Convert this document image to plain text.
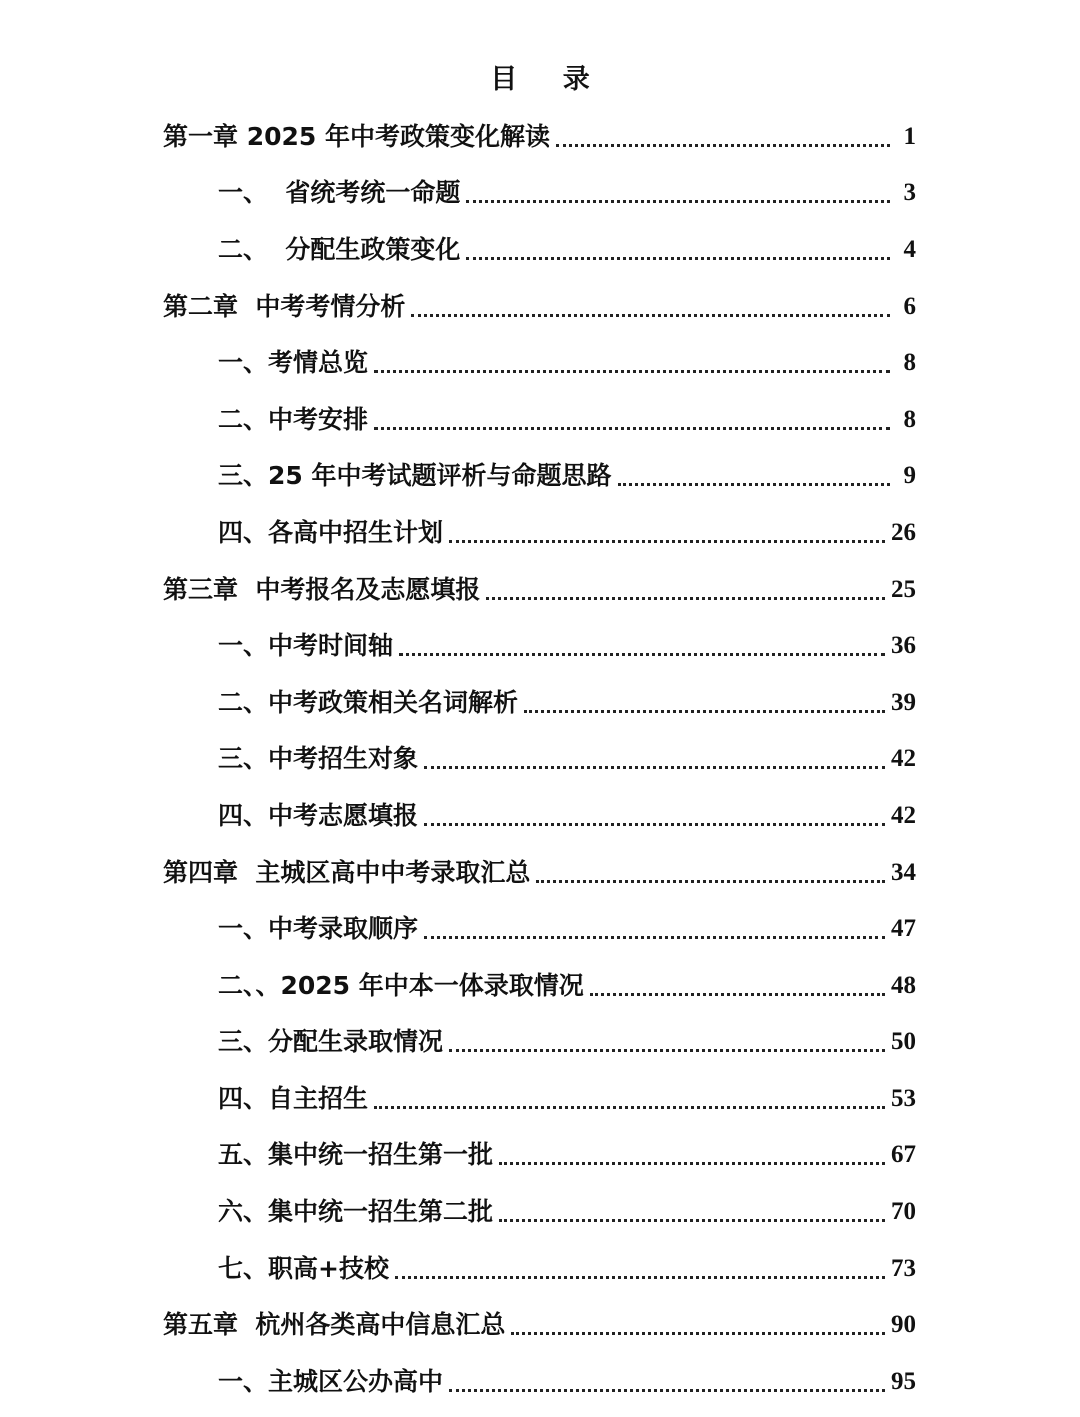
目 录
第一章 2025 年中考政策变化解读	1
一、  省统考统一命题	3
二、  分配生政策变化	4
第二章  中考考情分析	6
一、考情总览	8
二、中考安排	8
三、25 年中考试题评析与命题思路	9
四、各高中招生计划	26
第三章  中考报名及志愿填报	25
一、中考时间轴	36
二、中考政策相关名词解析	39
三、中考招生对象	42
四、中考志愿填报	42
第四章  主城区高中中考录取汇总	34
一、中考录取顺序	47
二、、2025 年中本一体录取情况	48
三、分配生录取情况	50
四、自主招生	53
五、集中统一招生第一批	67
六、集中统一招生第二批	70
七、职高+技校	73
第五章  杭州各类高中信息汇总	90
一、主城区公办高中	95
